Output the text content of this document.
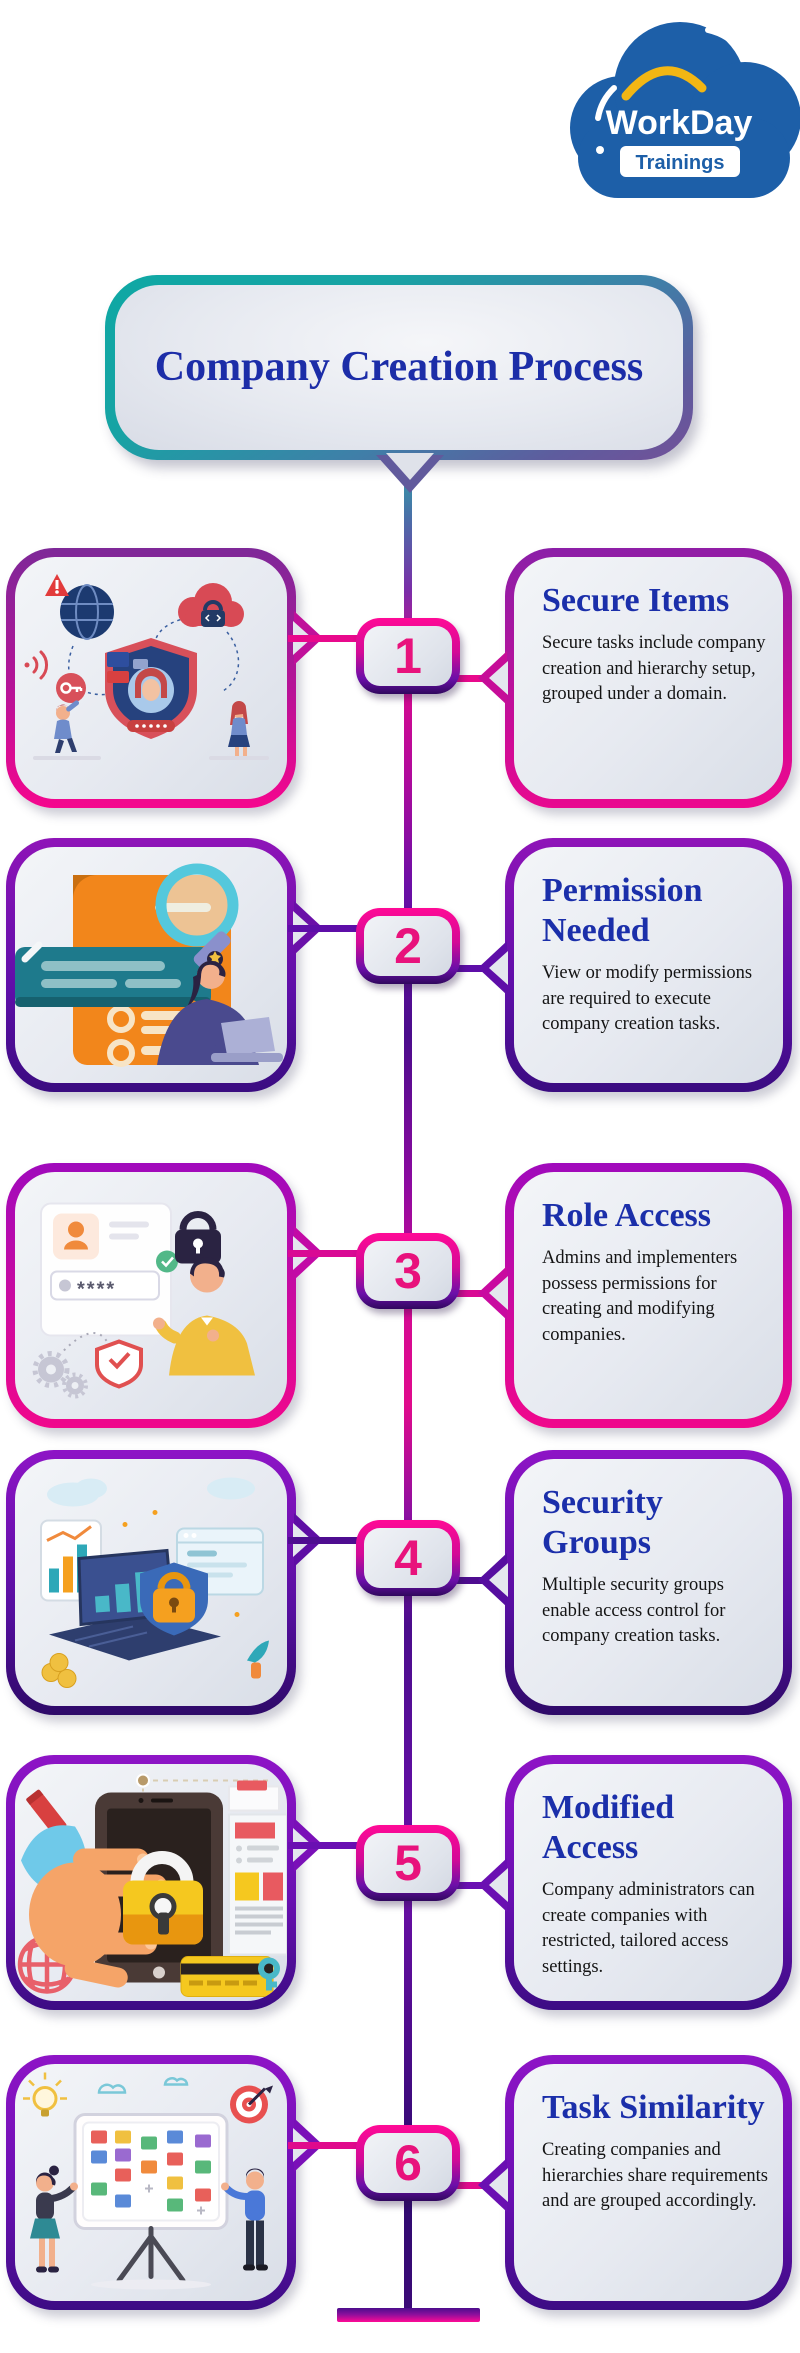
WorkDay
Trainings
Company Creation Process
1
Secure Items

Secure tasks include company creation and hierarchy setup, grouped under a domain.

2
Permission Needed

View or modify permissions are required to execute company creation tasks.

****	3
Role Access

Admins and implementers possess permissions for creating and modifying companies.

4
Security Groups

Multiple security groups enable access control for company creation tasks.

5
Modified Access

Company administrators can create companies with restricted, tailored access settings.

6
Task Similarity

Creating companies and hierarchies share requirements and are grouped accordingly.
